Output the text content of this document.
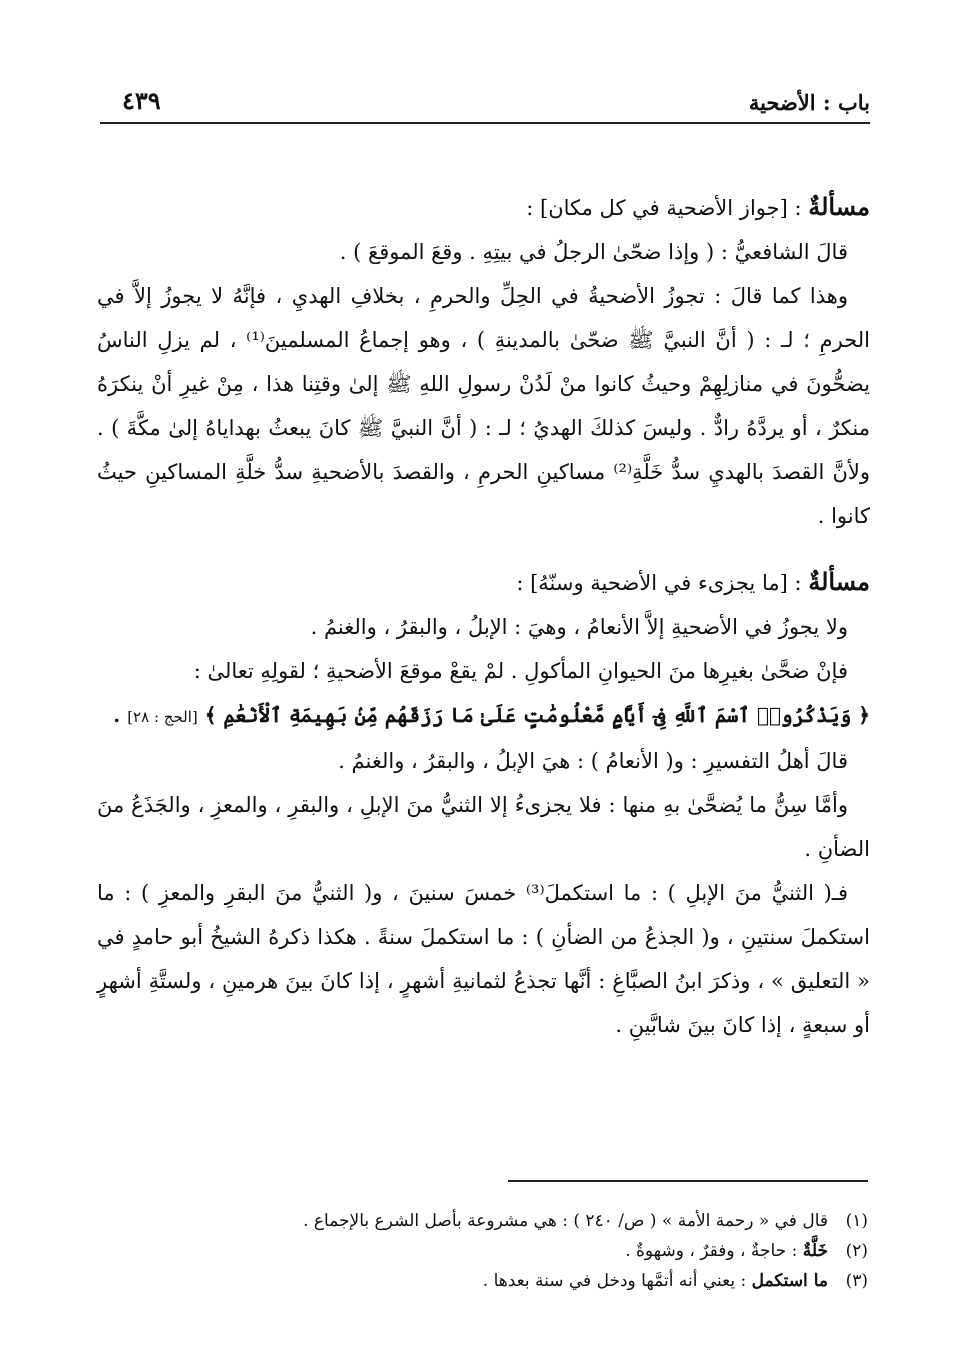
باب : الأضحية
٤٣٩

مسألةٌ : [جواز الأضحية في كل مكان] :

قالَ الشافعيُّ : ( وإذا ضحّىٰ الرجلُ في بيتِهِ . وقعَ الموقعَ ) .

وهذا كما قالَ : تجوزُ الأضحيةُ في الحِلِّ والحرمِ ، بخلافِ الهديِ ، فإنَّهُ لا يجوزُ إلاَّ في الحرمِ ؛ لـ : ( أنَّ النبيَّ ﷺ ضحّىٰ بالمدينةِ ) ، وهو إجماعُ المسلمينَ⁽¹⁾ ، لم يزلِ الناسُ يضحُّونَ في منازلِهِمْ وحيثُ كانوا منْ لَدُنْ رسولِ اللهِ ﷺ إلىٰ وقتِنا هذا ، مِنْ غيرِ أنْ ينكرَهُ منكرٌ ، أو يردَّهُ رادٌّ . وليسَ كذلكَ الهديُ ؛ لـ : ( أنَّ النبيَّ ﷺ كانَ يبعثُ بهداياهُ إلىٰ مكَّةَ ) . ولأنَّ القصدَ بالهديِ سدُّ خَلَّةِ⁽²⁾ مساكينِ الحرمِ ، والقصدَ بالأضحيةِ سدُّ خلَّةِ المساكينِ حيثُ كانوا .

مسألةٌ : [ما يجزىء في الأضحية وسنّهُ] :

ولا يجوزُ في الأضحيةِ إلاَّ الأنعامُ ، وهيَ : الإبلُ ، والبقرُ ، والغنمُ .

فإنْ ضحَّىٰ بغيرِها منَ الحيوانِ المأكولِ . لمْ يقعْ موقعَ الأضحيةِ ؛ لقولِهِ تعالىٰ :

﴿ وَيَذْكُرُوا۟ ٱسْمَ ٱللَّهِ فِىٓ أَيَّامٍ مَّعْلُومَٰتٍ عَلَىٰ مَا رَزَقَهُم مِّنۢ بَهِيمَةِ ٱلْأَنْعَٰمِ ﴾ [الحج : ٢٨] .

قالَ أهلُ التفسيرِ : و( الأنعامُ ) : هيَ الإبلُ ، والبقرُ ، والغنمُ .

وأمَّا سِنُّ ما يُضحَّىٰ بهِ منها : فلا يجزىءُ إلا الثنيُّ منَ الإبلِ ، والبقرِ ، والمعزِ ، والجَذَعُ منَ الضأنِ .

فـ( الثنيُّ منَ الإبلِ ) : ما استكملَ⁽³⁾ خمسَ سنينَ ، و( الثنيُّ منَ البقرِ والمعزِ ) : ما استكملَ سنتينِ ، و( الجذعُ من الضأنِ ) : ما استكملَ سنةً . هكذا ذكرهُ الشيخُ أبو حامدٍ في « التعليق » ، وذكرَ ابنُ الصبَّاغِ : أنَّها تجذعُ لثمانيةِ أشهرٍ ، إذا كانَ بينَ هرمينِ ، ولستَّةِ أشهرٍ أو سبعةٍ ، إذا كانَ بينَ شابَّينِ .

(١)قال في « رحمة الأمة » ( ص/ ٢٤٠ ) : هي مشروعة بأصل الشرع بالإجماع .

(٢)خَلَّةٌ : حاجةٌ ، وفقرٌ ، وشهوةٌ .

(٣)ما استكمل : يعني أنه أتمَّها ودخل في سنة بعدها .
